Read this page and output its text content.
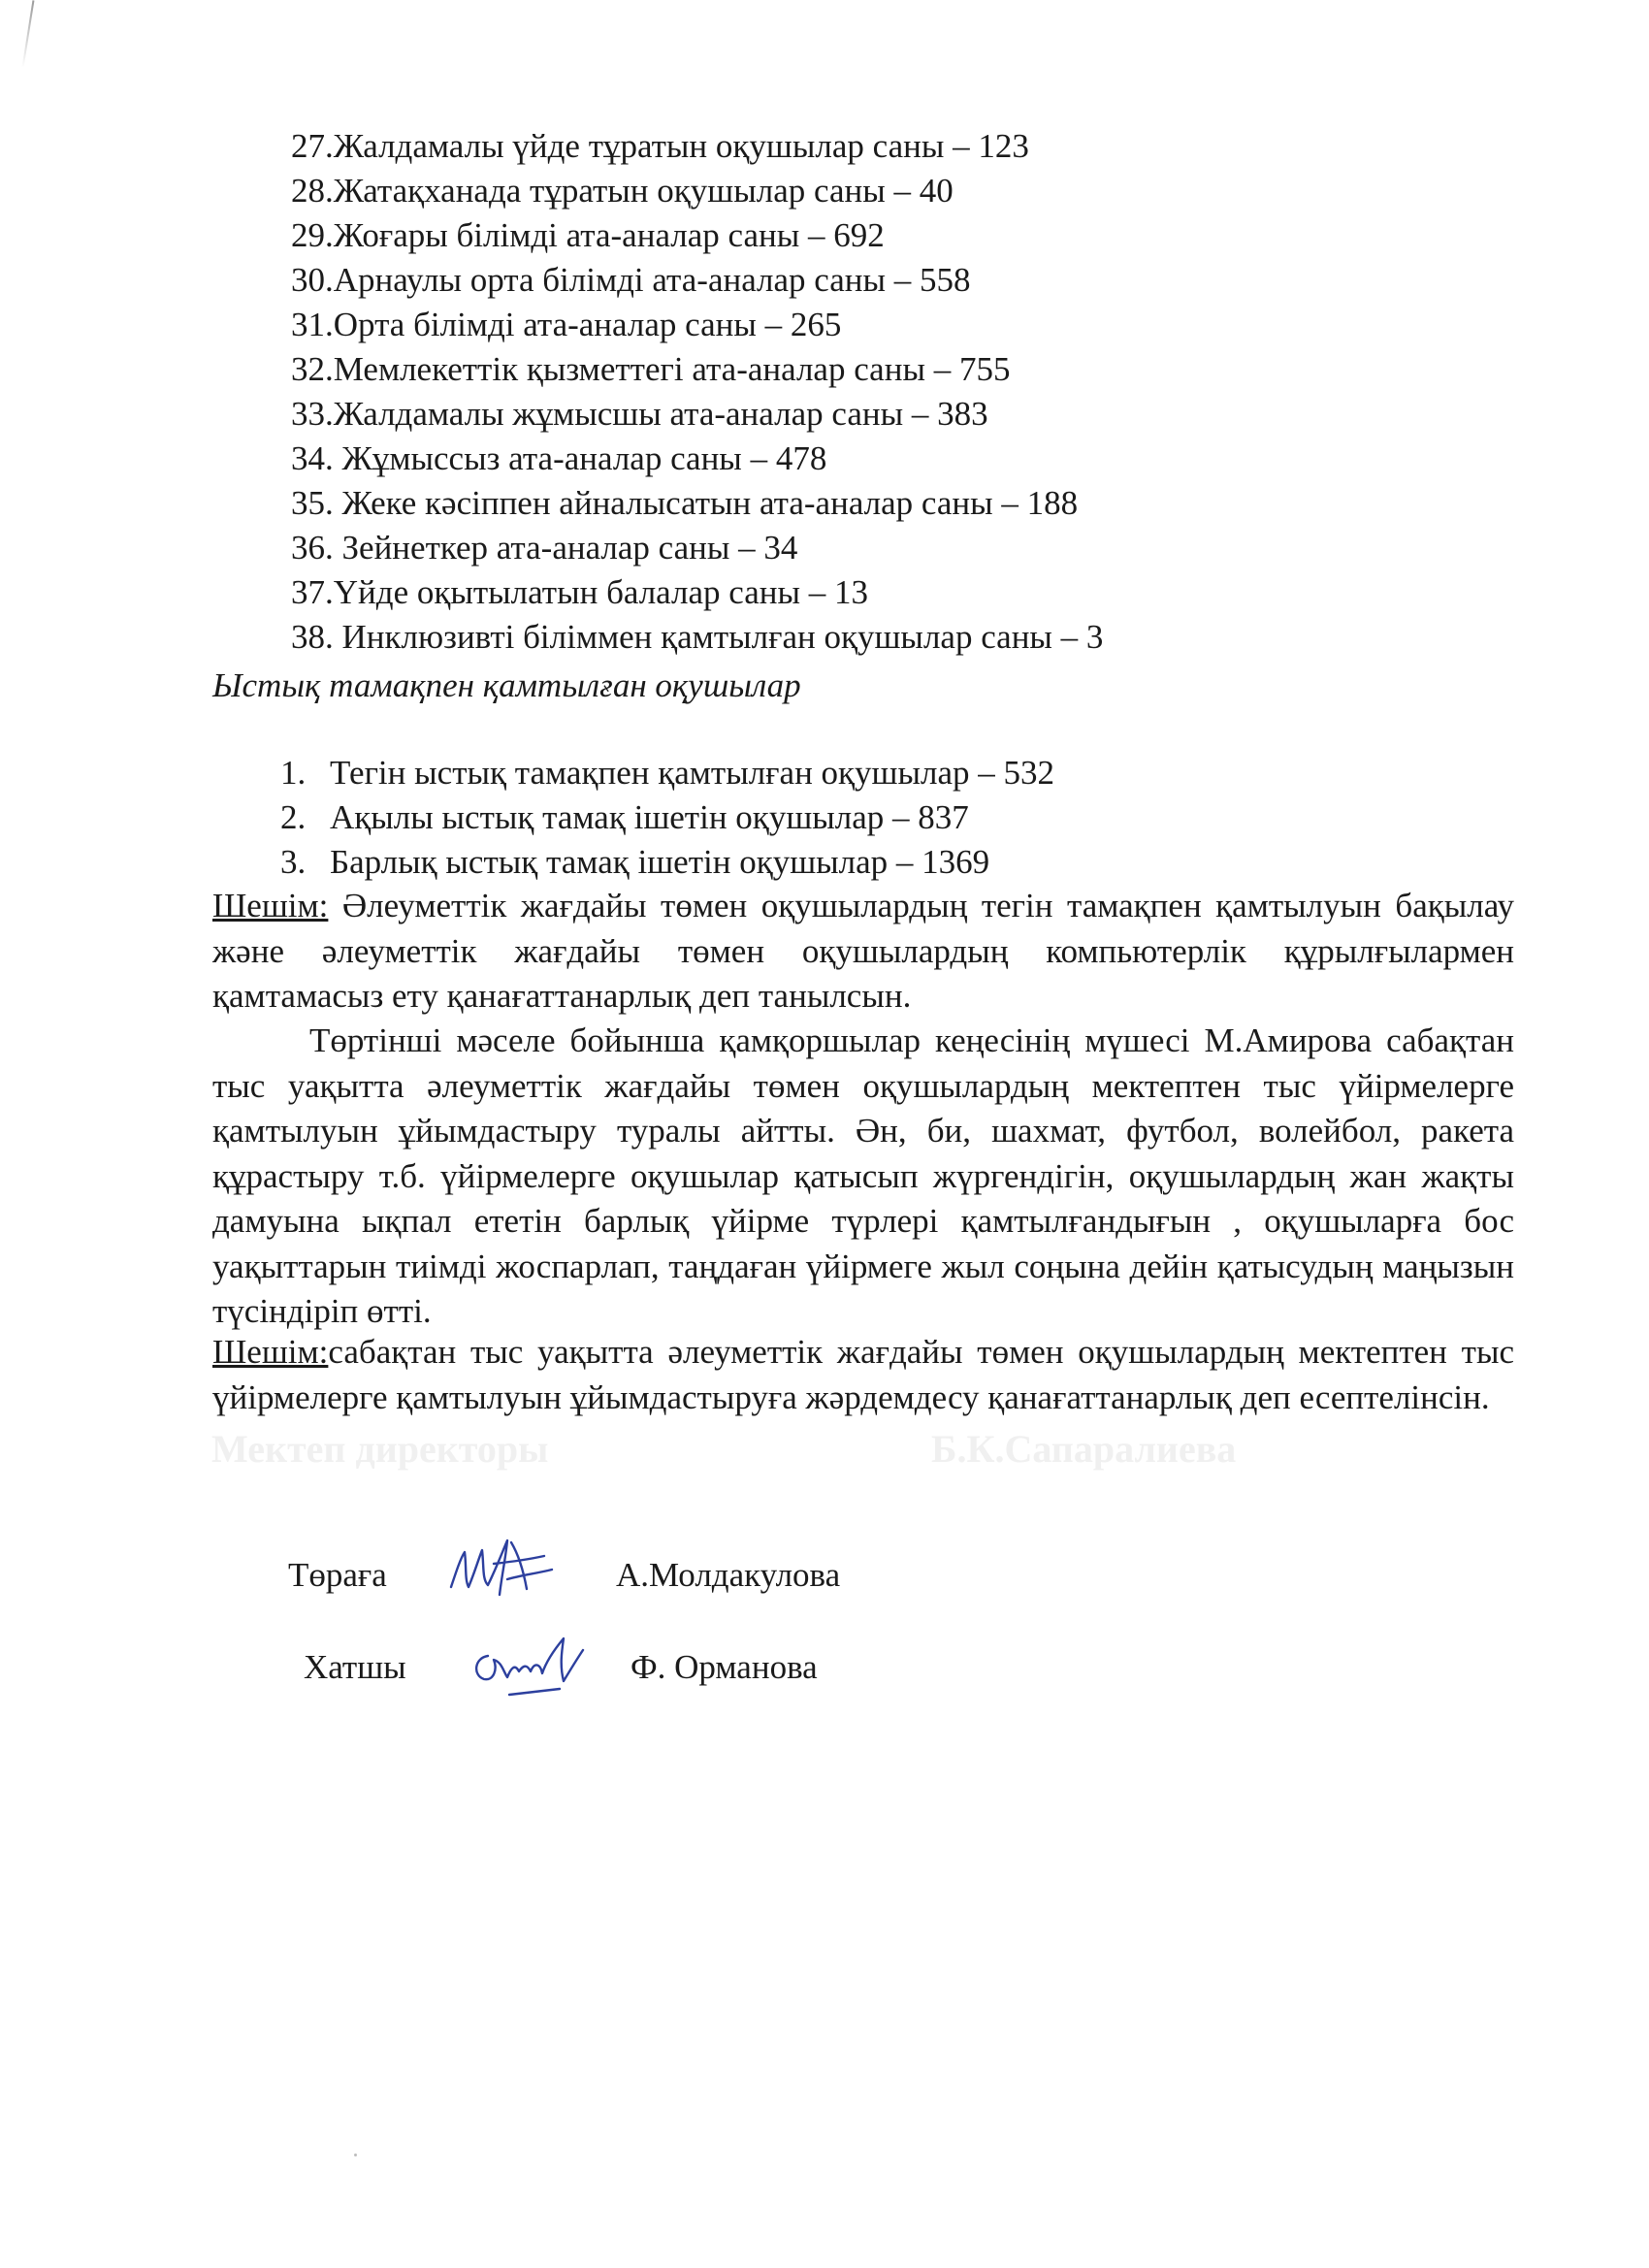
27.Жалдамалы үйде тұратын оқушылар саны – 123

28.Жатақханада тұратын оқушылар саны – 40

29.Жоғары білімді ата-аналар саны – 692

30.Арнаулы орта білімді ата-аналар саны – 558

31.Орта білімді ата-аналар саны – 265

32.Мемлекеттік қызметтегі ата-аналар саны – 755

33.Жалдамалы жұмысшы ата-аналар саны – 383

34. Жұмыссыз ата-аналар саны – 478

35. Жеке кәсіппен айналысатын ата-аналар саны – 188

36. Зейнеткер ата-аналар саны – 34

37.Үйде оқытылатын балалар саны – 13

38. Инклюзивті біліммен қамтылған оқушылар саны – 3

Ыстық тамақпен қамтылған оқушылар

1. Тегін ыстық тамақпен қамтылған оқушылар – 532
2. Ақылы ыстық тамақ ішетін оқушылар – 837
3. Барлық ыстық тамақ ішетін оқушылар – 1369

Шешім: Әлеуметтік жағдайы төмен оқушылардың тегін тамақпен қамтылуын бақылау және әлеуметтік жағдайы төмен оқушылардың компьютерлік құрылғылармен қамтамасыз ету қанағаттанарлық деп танылсын.

Төртінші мәселе бойынша қамқоршылар кеңесінің мүшесі М.Амирова сабақтан тыс уақытта әлеуметтік жағдайы төмен оқушылардың мектептен тыс үйірмелерге қамтылуын ұйымдастыру туралы айтты. Ән, би, шахмат, футбол, волейбол, ракета құрастыру т.б. үйірмелерге оқушылар қатысып жүргендігін, оқушылардың жан жақты дамуына ықпал ететін барлық үйірме түрлері қамтылғандығын , оқушыларға бос уақыттарын тиімді жоспарлап, таңдаған үйірмеге жыл соңына дейін қатысудың маңызын түсіндіріп өтті.

Шешім:сабақтан тыс уақытта әлеуметтік жағдайы төмен оқушылардың мектептен тыс үйірмелерге қамтылуын ұйымдастыруға жәрдемдесу қанағаттанарлық деп есептелінсін.

Мектеп директоры	Б.К.Сапаралиева
Төраға	А.Молдакулова
Хатшы	Ф. Орманова
